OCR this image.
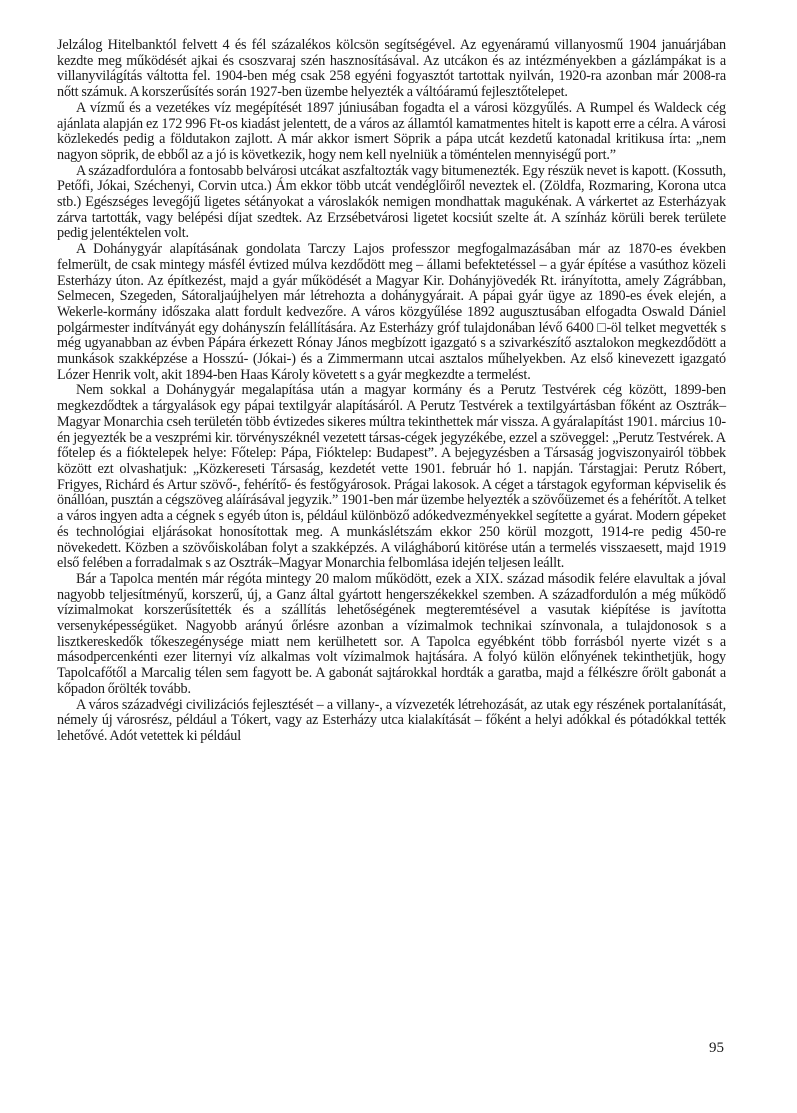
Jelzálog Hitelbanktól felvett 4 és fél százalékos kölcsön segítségével. Az egyenáramú villanyosmű 1904 januárjában kezdte meg működését ajkai és csoszvaraj szén hasznosításával. Az utcákon és az intézményekben a gázlámpákat is a villanyvilágítás váltotta fel. 1904-ben még csak 258 egyéni fogyasztót tartottak nyilván, 1920-ra azonban már 2008-ra nőtt számuk. A korszerűsítés során 1927-ben üzembe helyezték a váltóáramú fejlesztőtelepet.

A vízmű és a vezetékes víz megépítését 1897 júniusában fogadta el a városi közgyűlés. A Rumpel és Waldeck cég ajánlata alapján ez 172 996 Ft-os kiadást jelentett, de a város az államtól kamatmentes hitelt is kapott erre a célra. A városi közlekedés pedig a földutakon zajlott. A már akkor ismert Söprik a pápa utcát kezdetű katonadal kritikusa írta: „nem nagyon söprik, de ebből az a jó is következik, hogy nem kell nyelniük a töméntelen mennyiségű port.”

A századfordulóra a fontosabb belvárosi utcákat aszfaltozták vagy bitumenezték. Egy részük nevet is kapott. (Kossuth, Petőfi, Jókai, Széchenyi, Corvin utca.) Ám ekkor több utcát vendéglőiről neveztek el. (Zöldfa, Rozmaring, Korona utca stb.) Egészséges levegőjű ligetes sétányokat a városlakók nemigen mondhattak magukénak. A várkertet az Esterházyak zárva tartották, vagy belépési díjat szedtek. Az Erzsébetvárosi ligetet kocsiút szelte át. A színház körüli berek területe pedig jelentéktelen volt.

A Dohánygyár alapításának gondolata Tarczy Lajos professzor megfogalmazásában már az 1870-es években felmerült, de csak mintegy másfél évtized múlva kezdődött meg – állami befektetéssel – a gyár építése a vasúthoz közeli Esterházy úton. Az építkezést, majd a gyár működését a Magyar Kir. Dohányjövedék Rt. irányította, amely Zágrábban, Selmecen, Szegeden, Sátoraljaújhelyen már létrehozta a dohánygyárait. A pápai gyár ügye az 1890-es évek elején, a Wekerle-kormány időszaka alatt fordult kedvezőre. A város közgyűlése 1892 augusztusában elfogadta Oswald Dániel polgármester indítványát egy dohányszín felállítására. Az Esterházy gróf tulajdonában lévő 6400 □-öl telket megvették s még ugyanabban az évben Pápára érkezett Rónay János megbízott igazgató s a szivarkészítő asztalokon megkezdődött a munkások szakképzése a Hosszú- (Jókai-) és a Zimmermann utcai asztalos műhelyekben. Az első kinevezett igazgató Lózer Henrik volt, akit 1894-ben Haas Károly követett s a gyár megkezdte a termelést.

Nem sokkal a Dohánygyár megalapítása után a magyar kormány és a Perutz Testvérek cég között, 1899-ben megkezdődtek a tárgyalások egy pápai textilgyár alapításáról. A Perutz Testvérek a textilgyártásban főként az Osztrák–Magyar Monarchia cseh területén több évtizedes sikeres múltra tekinthettek már vissza. A gyáralapítást 1901. március 10-én jegyezték be a veszprémi kir. törvényszéknél vezetett társas-cégek jegyzékébe, ezzel a szöveggel: „Perutz Testvérek. A főtelep és a fióktelepek helye: Főtelep: Pápa, Fióktelep: Budapest”. A bejegyzésben a Társaság jogviszonyairól többek között ezt olvashatjuk: „Közkereseti Társaság, kezdetét vette 1901. február hó 1. napján. Társtagjai: Perutz Róbert, Frigyes, Richárd és Artur szövő-, fehérítő- és festőgyárosok. Prágai lakosok. A céget a társtagok egyforman képviselik és önállóan, pusztán a cégszöveg aláírásával jegyzik.” 1901-ben már üzembe helyezték a szövőüzemet és a fehérítőt. A telket a város ingyen adta a cégnek s egyéb úton is, például különböző adókedvezményekkel segítette a gyárat. Modern gépeket és technológiai eljárásokat honosítottak meg. A munkáslétszám ekkor 250 körül mozgott, 1914-re pedig 450-re növekedett. Közben a szövőiskolában folyt a szakképzés. A világháború kitörése után a termelés visszaesett, majd 1919 első felében a forradalmak s az Osztrák–Magyar Monarchia felbomlása idején teljesen leállt.

Bár a Tapolca mentén már régóta mintegy 20 malom működött, ezek a XIX. század második felére elavultak a jóval nagyobb teljesítményű, korszerű, új, a Ganz által gyártott hengerszékekkel szemben. A századfordulón a még működő vízimalmokat korszerűsítették és a szállítás lehetőségének megteremtésével a vasutak kiépítése is javította versenyképességüket. Nagyobb arányú őrlésre azonban a vízimalmok technikai színvonala, a tulajdonosok s a lisztkereskedők tőkeszegénysége miatt nem kerülhetett sor. A Tapolca egyébként több forrásból nyerte vizét s a másodpercenkénti ezer liternyi víz alkalmas volt vízimalmok hajtására. A folyó külön előnyének tekinthetjük, hogy Tapolcafőtől a Marcalig télen sem fagyott be. A gabonát sajtárokkal hordták a garatba, majd a félkészre őrölt gabonát a kőpadon őrölték tovább.

A város századvégi civilizációs fejlesztését – a villany-, a vízvezeték létrehozását, az utak egy részének portalanítását, némely új városrész, például a Tókert, vagy az Esterházy utca kialakítását – főként a helyi adókkal és pótadókkal tették lehetővé. Adót vetettek ki például

95
